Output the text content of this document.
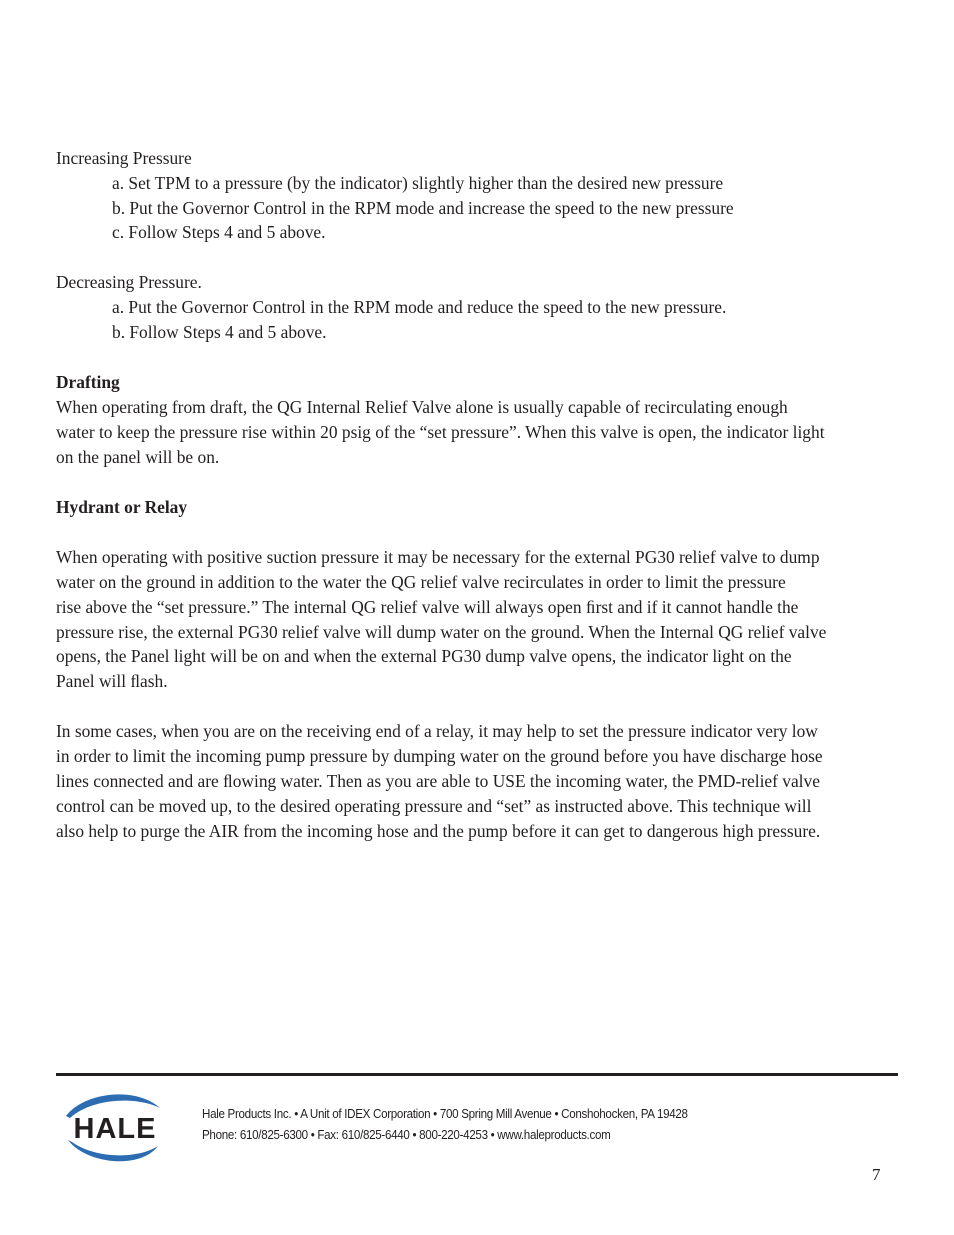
Increasing Pressure

a. Set TPM to a pressure (by the indicator) slightly higher than the desired new pressure

b. Put the Governor Control in the RPM mode and increase the speed to the new pressure

c. Follow Steps 4 and 5 above.

Decreasing Pressure.

a. Put the Governor Control in the RPM mode and reduce the speed to the new pressure.

b. Follow Steps 4 and 5 above.

Drafting

When operating from draft, the QG Internal Relief Valve alone is usually capable of recirculating enough

water to keep the pressure rise within 20 psig of the “set pressure”. When this valve is open, the indicator light

on the panel will be on.

Hydrant or Relay

When operating with positive suction pressure it may be necessary for the external PG30 relief valve to dump

water on the ground in addition to the water the QG relief valve recirculates in order to limit the pressure

rise above the “set pressure.” The internal QG relief valve will always open ﬁrst and if it cannot handle the

pressure rise, the external PG30 relief valve will dump water on the ground. When the Internal QG relief valve

opens, the Panel light will be on and when the external PG30 dump valve opens, the indicator light on the

Panel will ﬂash.

In some cases, when you are on the receiving end of a relay, it may help to set the pressure indicator very low

in order to limit the incoming pump pressure by dumping water on the ground before you have discharge hose

lines connected and are ﬂowing water. Then as you are able to USE the incoming water, the PMD-relief valve

control can be moved up, to the desired operating pressure and “set” as instructed above. This technique will

also help to purge the AIR from the incoming hose and the pump before it can get to dangerous high pressure.

HALE	Hale Products Inc. • A Unit of IDEX Corporation • 700 Spring Mill Avenue • Conshohocken, PA 19428

Phone: 610/825-6300 • Fax: 610/825-6440 • 800-220-4253 • www.haleproducts.com

7
